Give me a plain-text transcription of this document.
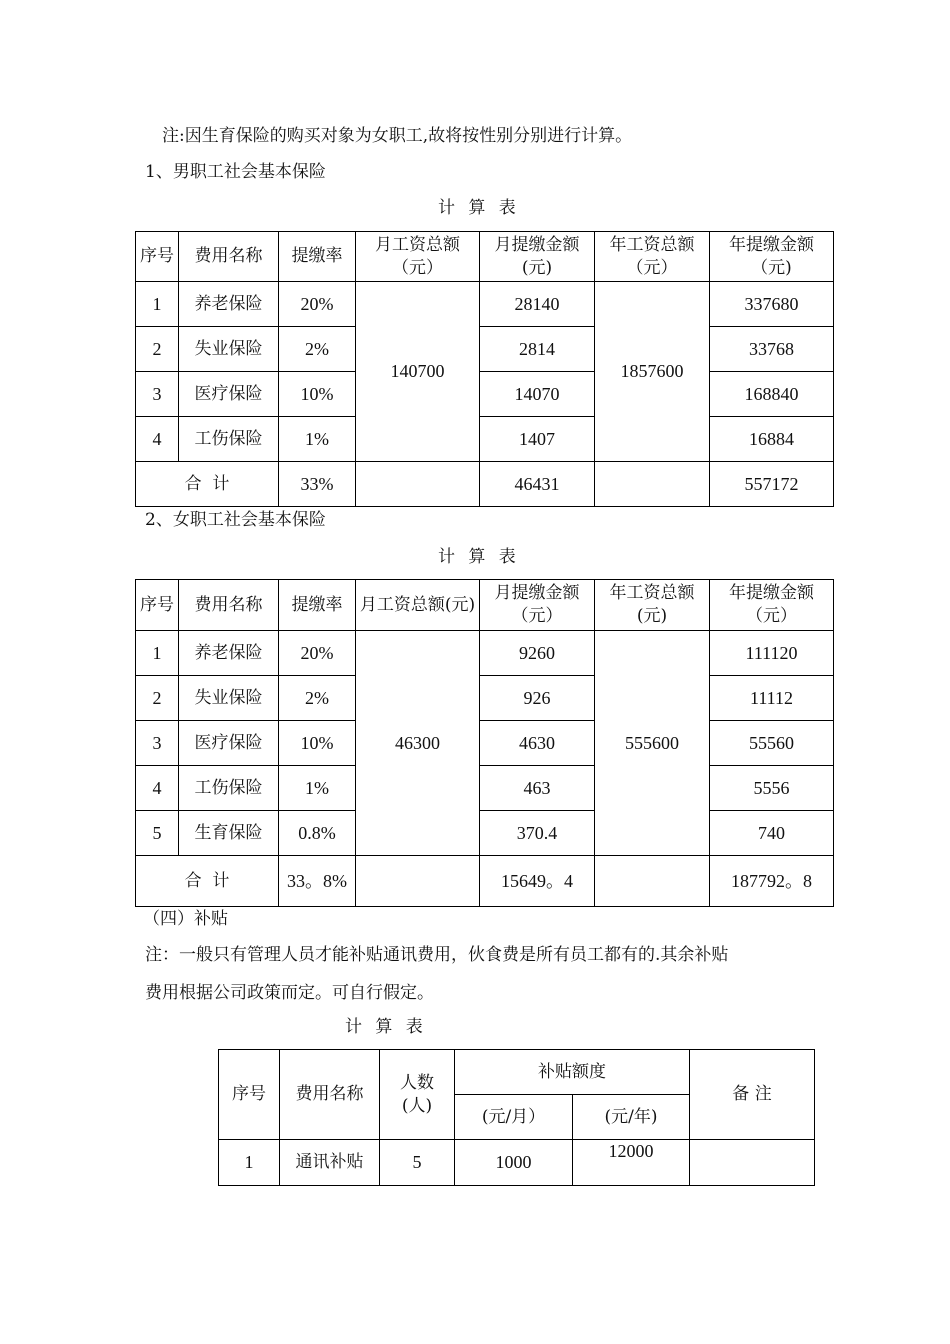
注:因生育保险的购买对象为女职工,故将按性别分别进行计算。
1、男职工社会基本保险
计 算 表
序号	费用名称	提缴率	月工资总额（元）	月提缴金额(元)	年工资总额（元）	年提缴金额（元)
1	养老保险	20%	140700	28140	1857600	337680
2	失业保险	2%		2814		33768
3	医疗保险	10%		14070		168840
4	工伤保险	1%		1407		16884
合  计		33%		46431		557172
2、女职工社会基本保险
计 算 表
序号	费用名称	提缴率	月工资总额(元)	月提缴金额（元）	年工资总额(元)	年提缴金额（元）
1	养老保险	20%	46300	9260	555600	111120
2	失业保险	2%		926		11112
3	医疗保险	10%		4630		55560
4	工伤保险	1%		463		5556
5	生育保险	0.8%		370.4		740
合  计		33。8%		15649。4		187792。8
（四）补贴
注：一般只有管理人员才能补贴通讯费用，伙食费是所有员工都有的.其余补贴
费用根据公司政策而定。可自行假定。
计 算 表
序号	费用名称	人数(人)	补贴额度		备 注
			(元/月）	(元/年)	
1	通讯补贴	5	1000	12000	
